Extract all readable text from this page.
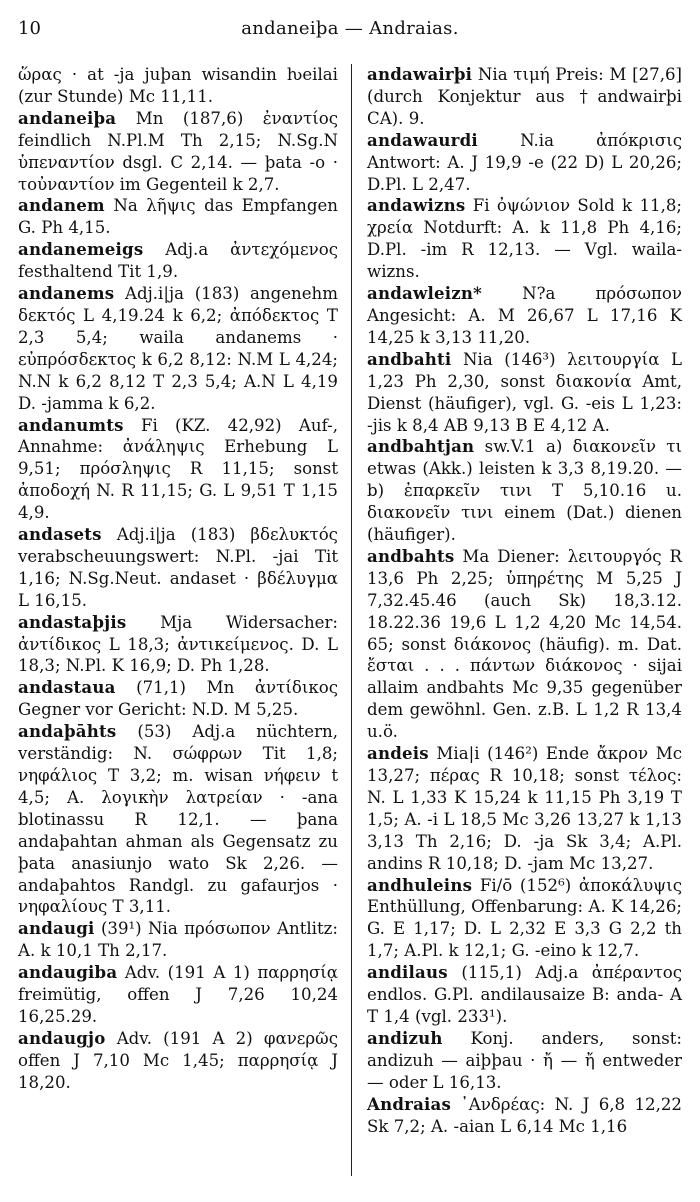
10	andaneiþa — Andraias.

ὥρας · at -ja juþan wisandin ƕeilai (zur Stunde) Mc 11,11.

andaneiþa Mn (187,6) ἐναντίος feindlich N.Pl.M Th 2,15; N.Sg.N ὑπεναντίον dsgl. C 2,14. — þata -o · τοὐναντίον im Gegenteil k 2,7.

andanem Na λῆψις das Empfangen G. Ph 4,15.

andanemeigs Adj.a ἀντεχόμενος festhaltend Tit 1,9.

andanems Adj.i|ja (183) angenehm δεκτός L 4,19.24 k 6,2; ἀπόδεκτος T 2,3 5,4; waila andanems · εὐπρόσδεκτος k 6,2 8,12: N.M L 4,24; N.N k 6,2 8,12 T 2,3 5,4; A.N L 4,19 D. -jamma k 6,2.

andanumts Fi (KZ. 42,92) Auf-, Annahme: ἀνάληψις Erhebung L 9,51; πρόσληψις R 11,15; sonst ἀποδοχή N. R 11,15; G. L 9,51 T 1,15 4,9.

andasets Adj.i|ja (183) βδελυκτός verabscheuungswert: N.Pl. -jai Tit 1,16; N.Sg.Neut. andaset · βδέλυγμα L 16,15.

andastaþjis Mja Widersacher: ἀντίδικος L 18,3; ἀντικείμενος. D. L 18,3; N.Pl. K 16,9; D. Ph 1,28.

andastaua (71,1) Mn ἀντίδικος Gegner vor Gericht: N.D. M 5,25.

andaþāhts (53) Adj.a nüchtern, verständig: N. σώφρων Tit 1,8; νηφάλιος T 3,2; m. wisan νήφειν t 4,5; A. λογικὴν λατρείαν · -ana blotinassu R 12,1. — þana andaþahtan ahman als Gegensatz zu þata anasiunjo wato Sk 2,26. — andaþahtos Randgl. zu gafaurjos · νηφαλίους T 3,11.

andaugi (39¹) Nia πρόσωπον Antlitz: A. k 10,1 Th 2,17.

andaugiba Adv. (191 A 1) παρρησίᾳ freimütig, offen J 7,26 10,24 16,25.29.

andaugjo Adv. (191 A 2) φανερῶς offen J 7,10 Mc 1,45; παρρησίᾳ J 18,20.

andawairþi Nia τιμή Preis: M [27,6] (durch Konjektur aus †andwairþi CA). 9.

andawaurdi	N.ia ἀπόκρισις Antwort: A. J 19,9 -e (22 D) L 20,26; D.Pl. L 2,47.

andawizns Fi ὀψώνιον Sold k 11,8; χρεία Notdurft: A. k 11,8 Ph 4,16; D.Pl. -im R 12,13. — Vgl. waila-wizns.

andawleizn* N?a πρόσωπον Angesicht: A. M 26,67 L 17,16 K 14,25 k 3,13 11,20.

andbahti Nia (146³) λειτουργία L 1,23 Ph 2,30, sonst διακονία Amt, Dienst (häufiger), vgl. G. -eis L 1,23: -jis k 8,4 AB 9,13 B E 4,12 A.

andbahtjan sw.V.1 a) διακονεῖν τι etwas (Akk.) leisten k 3,3 8,19.20. — b) ἐπαρκεῖν τινι T 5,10.16 u. διακονεῖν τινι einem (Dat.) dienen (häufiger).

andbahts Ma Diener: λειτουργός R 13,6 Ph 2,25; ὑπηρέτης M 5,25 J 7,32.45.46 (auch Sk) 18,3.12. 18.22.36 19,6 L 1,2 4,20 Mc 14,54. 65; sonst διάκονος (häufig). m. Dat. ἔσται . . . πάντων διάκονος · sijai allaim andbahts Mc 9,35 gegenüber dem gewöhnl. Gen. z.B. L 1,2 R 13,4 u.ö.

andeis Mia|i (146²) Ende ἄκρον Mc 13,27; πέρας R 10,18; sonst τέλος: N. L 1,33 K 15,24 k 11,15 Ph 3,19 T 1,5; A. -i L 18,5 Mc 3,26 13,27 k 1,13 3,13 Th 2,16; D. -ja Sk 3,4; A.Pl. andins R 10,18; D. -jam Mc 13,27.

andhuleins Fi/ō (152⁶) ἀποκάλυψις Enthüllung, Offenbarung: A. K 14,26; G. E 1,17; D. L 2,32 E 3,3 G 2,2 th 1,7; A.Pl. k 12,1; G. -eino k 12,7.

andilaus (115,1) Adj.a ἀπέραντος endlos. G.Pl. andilausaize B: anda- A T 1,4 (vgl. 233¹).

andizuh Konj. anders, sonst: andizuh — aiþþau · ἤ — ἤ entweder — oder L 16,13.

Andraias ᾿Ανδρέας: N. J 6,8 12,22 Sk 7,2; A. -aian L 6,14 Mc 1,16
